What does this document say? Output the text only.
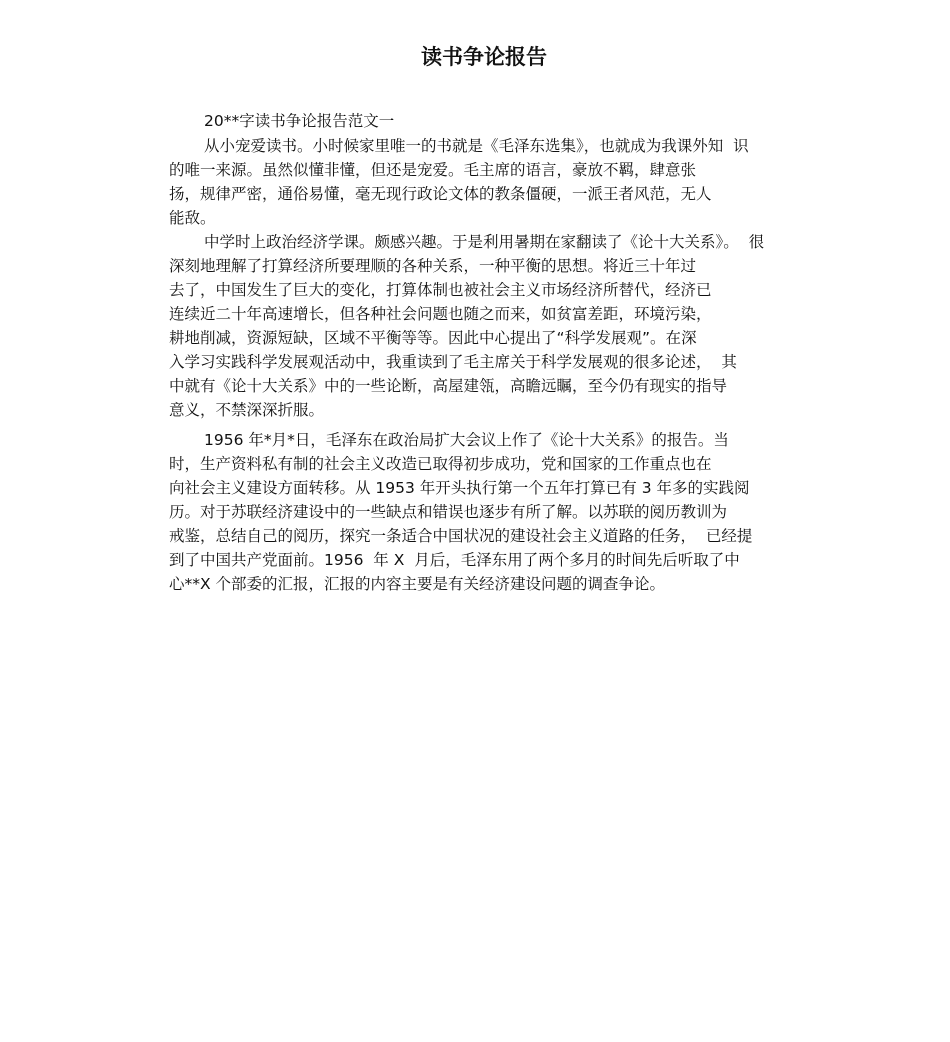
读书争论报告
20**字读书争论报告范文一
从小宠爱读书。小时候家里唯一的书就是《毛泽东选集》，也就成为我课外知  识
的唯一来源。虽然似懂非懂，但还是宠爱。毛主席的语言，豪放不羁，肆意张
扬，规律严密，通俗易懂，毫无现行政论文体的教条僵硬，一派王者风范，无人
能敌。
中学时上政治经济学课。颇感兴趣。于是利用暑期在家翻读了《论十大关系》。  很
深刻地理解了打算经济所要理顺的各种关系，一种平衡的思想。将近三十年过
去了，中国发生了巨大的变化，打算体制也被社会主义市场经济所替代，经济已
连续近二十年高速增长，但各种社会问题也随之而来，如贫富差距，环境污染，
耕地削减，资源短缺，区域不平衡等等。因此中心提出了“科学发展观”。在深
入学习实践科学发展观活动中，我重读到了毛主席关于科学发展观的很多论述，  其
中就有《论十大关系》中的一些论断，高屋建瓴，高瞻远瞩，至今仍有现实的指导
意义，不禁深深折服。
1956 年*月*日，毛泽东在政治局扩大会议上作了《论十大关系》的报告。当
时，生产资料私有制的社会主义改造已取得初步成功，党和国家的工作重点也在
向社会主义建设方面转移。从 1953 年开头执行第一个五年打算已有 3 年多的实践阅
历。对于苏联经济建设中的一些缺点和错误也逐步有所了解。以苏联的阅历教训为
戒鉴，总结自己的阅历，探究一条适合中国状况的建设社会主义道路的任务，  已经提
到了中国共产党面前。1956  年 X  月后，毛泽东用了两个多月的时间先后听取了中
心**X 个部委的汇报，汇报的内容主要是有关经济建设问题的调查争论。
